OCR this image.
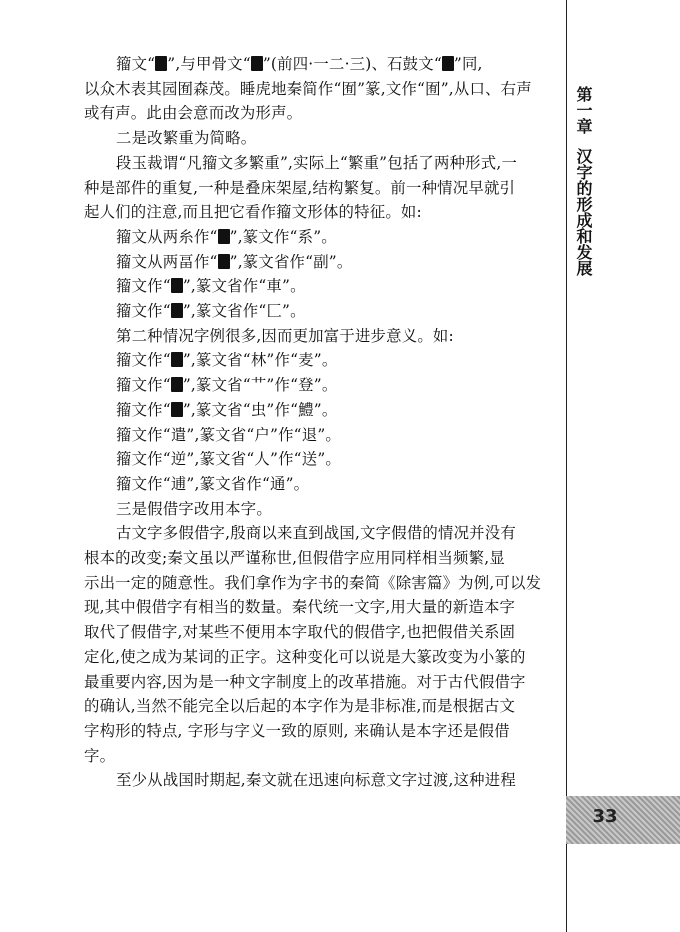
第一章汉字的形成和发展
33

籀文“ ”,与甲骨文“ ”(前四·一二·三)、石鼓文“ ”同,

以众木表其园囿森茂。睡虎地秦简作“囿”篆,文作“囿”,从口、右声

或有声。此由会意而改为形声。

二是改繁重为简略。

段玉裁谓“凡籀文多繁重”,实际上“繁重”包括了两种形式,一

种是部件的重复,一种是叠床架屋,结构繁复。前一种情况早就引

起人们的注意,而且把它看作籀文形体的特征。如:

籀文从两糸作“ ”,篆文作“系”。

籀文从两畐作“ ”,篆文省作“副”。

籀文作“ ”,篆文省作“車”。

籀文作“ ”,篆文省作“匚”。

第二种情况字例很多,因而更加富于进步意义。如:

籀文作“ ”,篆文省“林”作“麦”。

籀文作“ ”,篆文省“艹”作“登”。

籀文作“ ”,篆文省“虫”作“鱧”。

籀文作“遣”,篆文省“户”作“退”。

籀文作“逆”,篆文省“人”作“送”。

籀文作“逋”,篆文省作“通”。

三是假借字改用本字。

古文字多假借字,殷商以来直到战国,文字假借的情况并没有

根本的改变;秦文虽以严谨称世,但假借字应用同样相当频繁,显

示出一定的随意性。我们拿作为字书的秦简《除害篇》为例,可以发

现,其中假借字有相当的数量。秦代统一文字,用大量的新造本字

取代了假借字,对某些不便用本字取代的假借字,也把假借关系固

定化,使之成为某词的正字。这种变化可以说是大篆改变为小篆的

最重要内容,因为是一种文字制度上的改革措施。对于古代假借字

的确认,当然不能完全以后起的本字作为是非标准,而是根据古文

字构形的特点, 字形与字义一致的原则, 来确认是本字还是假借

字。

至少从战国时期起,秦文就在迅速向标意文字过渡,这种进程
